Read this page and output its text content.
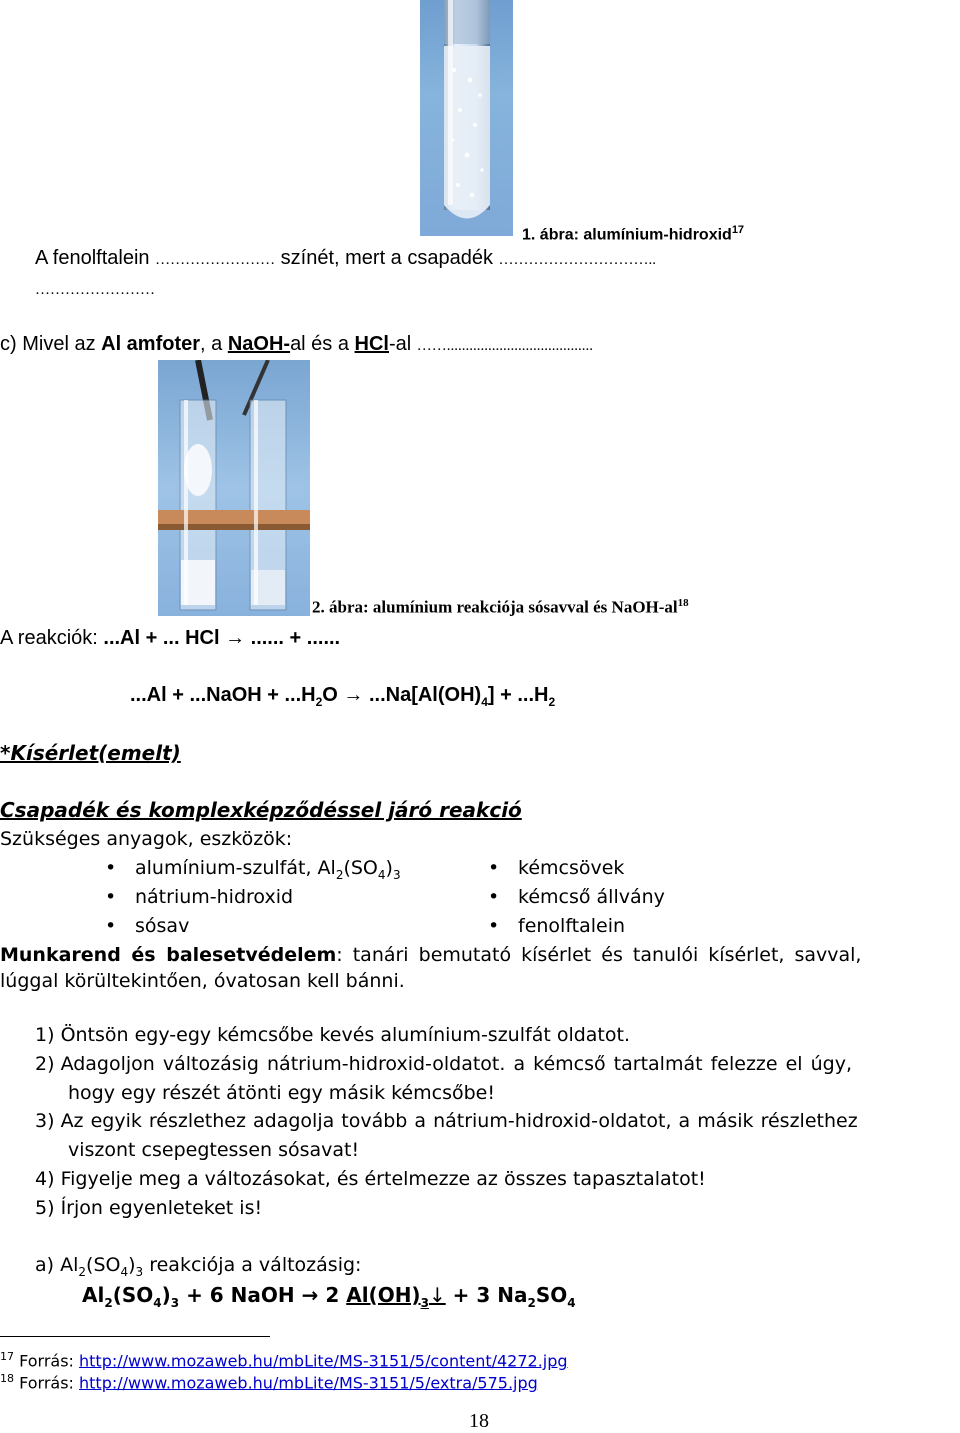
1. ábra: alumínium-hidroxid$^{17}$
A fenolftalein …………………… színét, mert a csapadék …………………………..
……………………
c) Mivel az Al amfoter, a NaOH-al és a HCl-al …….......................................
2. ábra: alumínium reakciója sósavval és NaOH-$al^{18}$
A reakciók: ...Al + ... HCl → ...... + ......
...Al + ...NaOH + $...H_2O \to ...Na[Al(OH)_4] + ...H_2$
*Kísérlet(emelt)
Csapadék és komplexképződéssel járó reakció
Szükséges anyagok, eszközök:
• alumínium-szulfát, $Al_2(SO_4)_3$
• nátrium-hidroxid
• sósav
• kémcsövek
• kémcső állvány
• fenolftalein
Munkarend és balesetvédelem: tanári bemutató kísérlet és tanulói kísérlet, savval,
lúggal körültekintően, óvatosan kell bánni.
1) Öntsön egy-egy kémcsőbe kevés alumínium-szulfát oldatot.
2) Adagoljon változásig nátrium-hidroxid-oldatot. a kémcső tartalmát felezze el úgy,
hogy egy részét átönti egy másik kémcsőbe!
3) Az egyik részlethez adagolja tovább a nátrium-hidroxid-oldatot, a másik részlethez
viszont csepegtessen sósavat!
4) Figyelje meg a változásokat, és értelmezze az összes tapasztalatot!
5) Írjon egyenleteket is!
a) $Al_2(SO_4)_3$ reakciója a változásig:
$Al_2(SO_4)_3 + 6$ NaOH → 2 $Al(OH)_3↓ + 3$ $Na_2SO_4$
$^{17}$ Forrás: http://www.mozaweb.hu/mbLite/MS-3151/5/content/4272.jpg
$^{18}$ Forrás: http://www.mozaweb.hu/mbLite/MS-3151/5/extra/575.jpg
18
